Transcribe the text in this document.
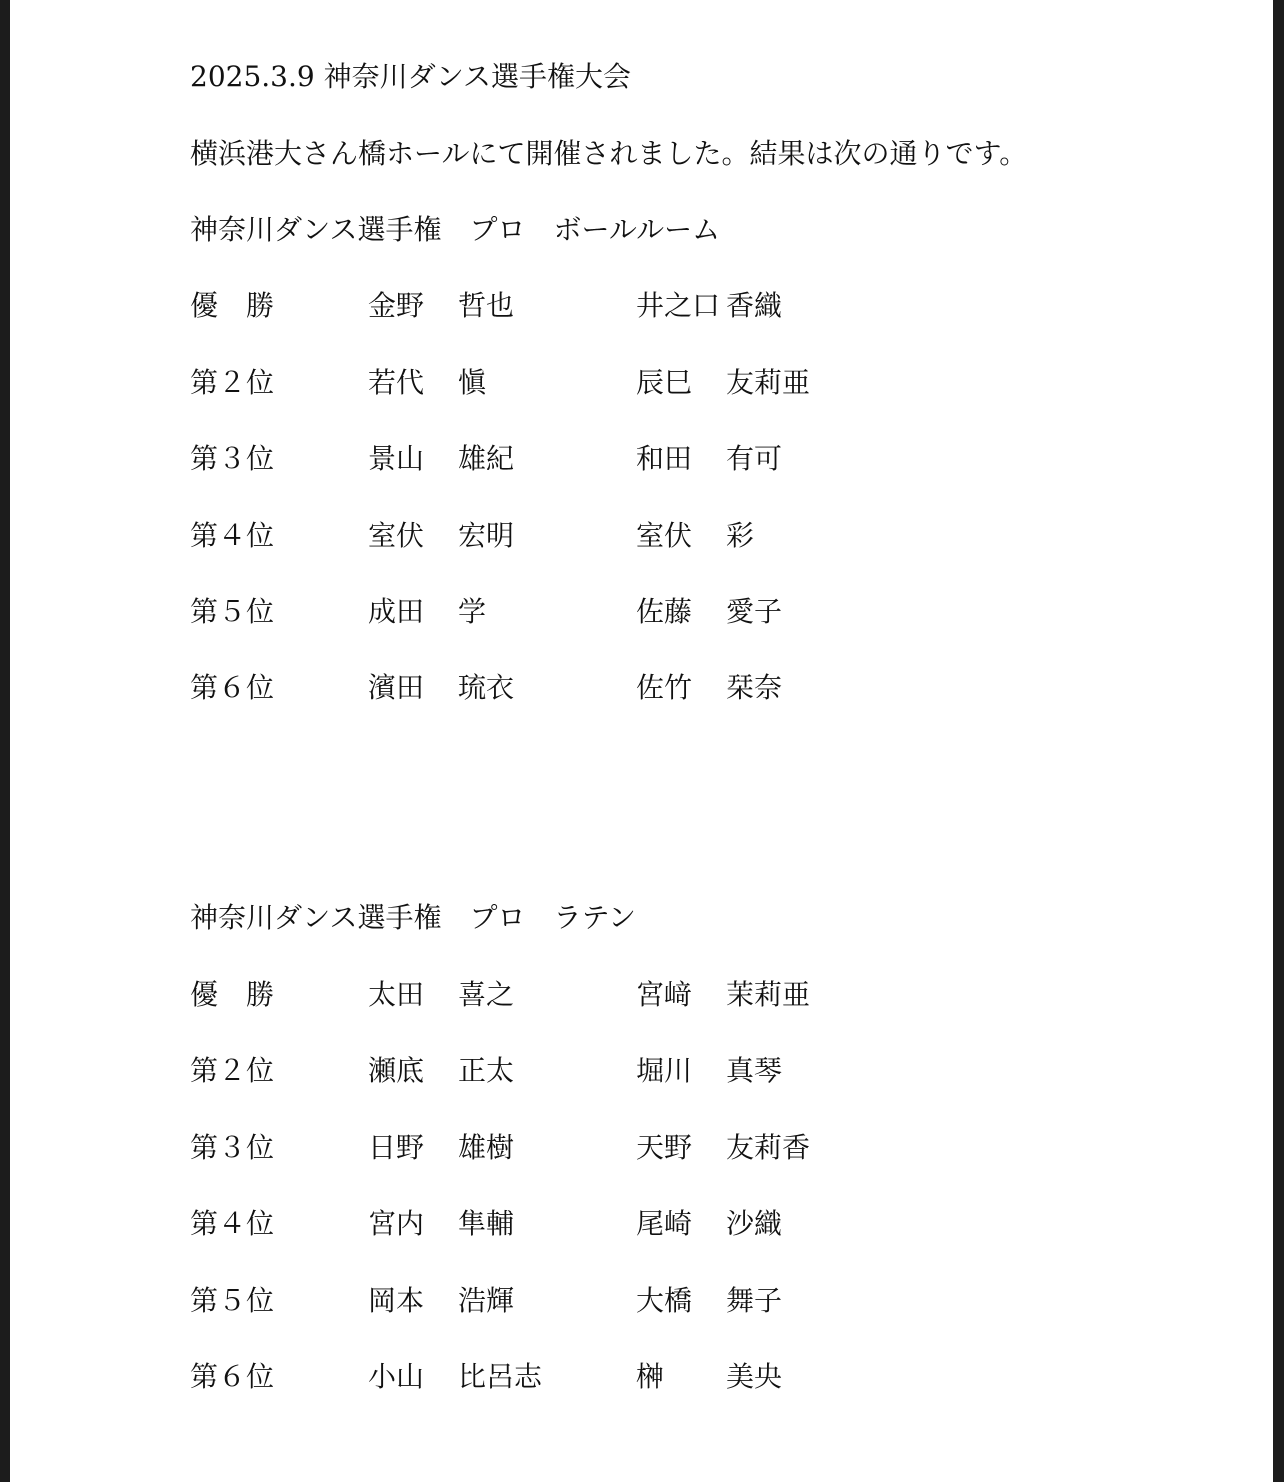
2025.3.9 神奈川ダンス選手権大会
横浜港大さん橋ホールにて開催されました。結果は次の通りです。
神奈川ダンス選手権　プロ　ボールルーム
優　勝	金野 哲也	井之口 香織
第２位	若代 愼	辰巳 友莉亜
第３位	景山 雄紀	和田 有可
第４位	室伏 宏明	室伏 彩
第５位	成田 学	佐藤 愛子
第６位	濱田 琉衣	佐竹 栞奈
神奈川ダンス選手権　プロ　ラテン
優　勝	太田 喜之	宮﨑 茉莉亜
第２位	瀬底 正太	堀川 真琴
第３位	日野 雄樹	天野 友莉香
第４位	宮内 隼輔	尾崎 沙織
第５位	岡本 浩輝	大橋 舞子
第６位	小山 比呂志	榊 美央
